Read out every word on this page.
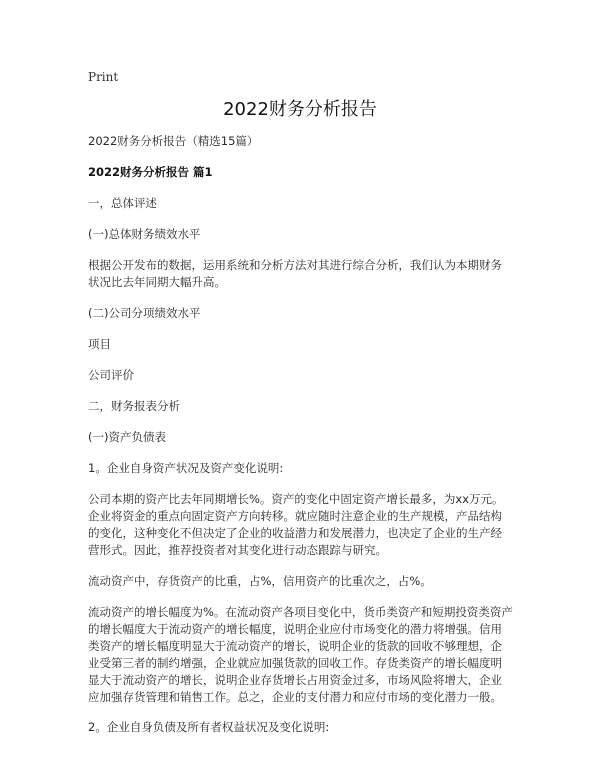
Print
2022财务分析报告

2022财务分析报告（精选15篇）

2022财务分析报告 篇1

一，总体评述

(一)总体财务绩效水平

根据公开发布的数据，运用系统和分析方法对其进行综合分析，我们认为本期财务状况比去年同期大幅升高。

(二)公司分项绩效水平

项目

公司评价

二，财务报表分析

(一)资产负债表

1。企业自身资产状况及资产变化说明:

公司本期的资产比去年同期增长%。资产的变化中固定资产增长最多，为xx万元。企业将资金的重点向固定资产方向转移。就应随时注意企业的生产规模，产品结构的变化，这种变化不但决定了企业的收益潜力和发展潜力，也决定了企业的生产经营形式。因此，推荐投资者对其变化进行动态跟踪与研究。

流动资产中，存货资产的比重，占%，信用资产的比重次之，占%。

流动资产的增长幅度为%。在流动资产各项目变化中，货币类资产和短期投资类资产的增长幅度大于流动资产的增长幅度，说明企业应付市场变化的潜力将增强。信用类资产的增长幅度明显大于流动资产的增长，说明企业的货款的回收不够理想，企业受第三者的制约增强，企业就应加强货款的回收工作。存货类资产的增长幅度明显大于流动资产的增长，说明企业存货增长占用资金过多，市场风险将增大，企业应加强存货管理和销售工作。总之，企业的支付潜力和应付市场的变化潜力一般。

2。企业自身负债及所有者权益状况及变化说明:
